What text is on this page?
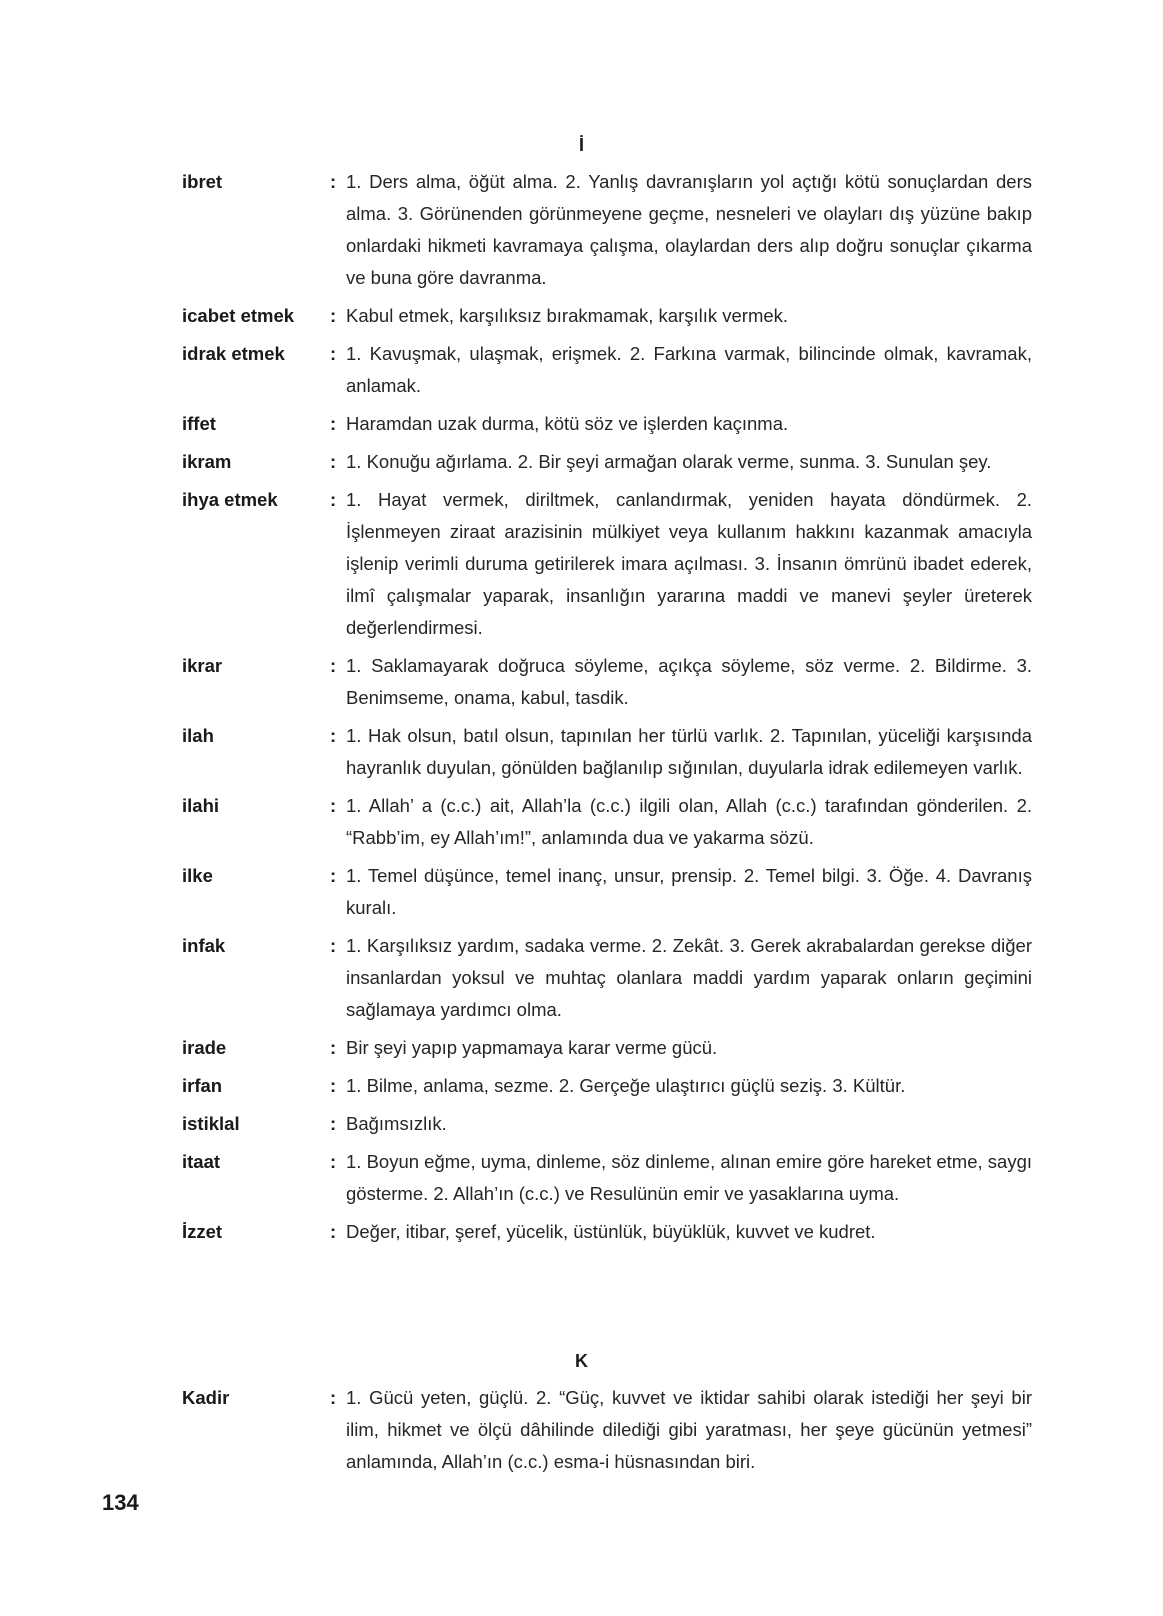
İ
ibret	: 1. Ders alma, öğüt alma. 2. Yanlış davranışların yol açtığı kötü sonuçlardan ders alma. 3. Görünenden görünmeyene geçme, nesneleri ve olayları dış yüzüne bakıp onlardaki hikmeti kavramaya çalışma, olaylardan ders alıp doğru sonuçlar çıkarma ve buna göre davranma.
icabet etmek	: Kabul etmek, karşılıksız bırakmamak, karşılık vermek.
idrak etmek	: 1. Kavuşmak, ulaşmak, erişmek. 2. Farkına varmak, bilincinde olmak, kavramak, anlamak.
iffet	: Haramdan uzak durma, kötü söz ve işlerden kaçınma.
ikram	: 1. Konuğu ağırlama. 2. Bir şeyi armağan olarak verme, sunma. 3. Sunulan şey.
ihya etmek	: 1. Hayat vermek, diriltmek, canlandırmak, yeniden hayata döndürmek. 2. İşlenmeyen ziraat arazisinin mülkiyet veya kullanım hakkını kazanmak amacıyla işlenip verimli duruma getirilerek imara açılması. 3. İnsanın ömrünü ibadet ederek, ilmî çalışmalar yaparak, insanlığın yararına maddi ve manevi şeyler üreterek değerlendirmesi.
ikrar	: 1. Saklamayarak doğruca söyleme, açıkça söyleme, söz verme. 2. Bildirme. 3. Benimseme, onama, kabul, tasdik.
ilah	: 1. Hak olsun, batıl olsun, tapınılan her türlü varlık. 2. Tapınılan, yüceliği karşısında hayranlık duyulan, gönülden bağlanılıp sığınılan, duyularla idrak edilemeyen varlık.
ilahi	: 1. Allah’ a (c.c.) ait, Allah’la (c.c.) ilgili olan, Allah (c.c.) tarafından gönderilen. 2. “Rabb’im, ey Allah’ım!”, anlamında dua ve yakarma sözü.
ilke	: 1. Temel düşünce, temel inanç, unsur, prensip. 2. Temel bilgi. 3. Öğe. 4. Davranış kuralı.
infak	: 1. Karşılıksız yardım, sadaka verme. 2. Zekât. 3. Gerek akrabalardan gerekse diğer insanlardan yoksul ve muhtaç olanlara maddi yardım yaparak onların geçimini sağlamaya yardımcı olma.
irade	: Bir şeyi yapıp yapmamaya karar verme gücü.
irfan	: 1. Bilme, anlama, sezme. 2. Gerçeğe ulaştırıcı güçlü seziş. 3. Kültür.
istiklal	: Bağımsızlık.
itaat	: 1. Boyun eğme, uyma, dinleme, söz dinleme, alınan emire göre hareket etme, saygı gösterme. 2. Allah’ın (c.c.) ve Resulünün emir ve yasaklarına uyma.
İzzet	: Değer, itibar, şeref, yücelik, üstünlük, büyüklük, kuvvet ve kudret.
K
Kadir	: 1. Gücü yeten, güçlü. 2. “Güç, kuvvet ve iktidar sahibi olarak istediği her şeyi bir ilim, hikmet ve ölçü dâhilinde dilediği gibi yaratması, her şeye gücünün yetmesi” anlamında, Allah’ın (c.c.) esma-i hüsnasından biri.
134
